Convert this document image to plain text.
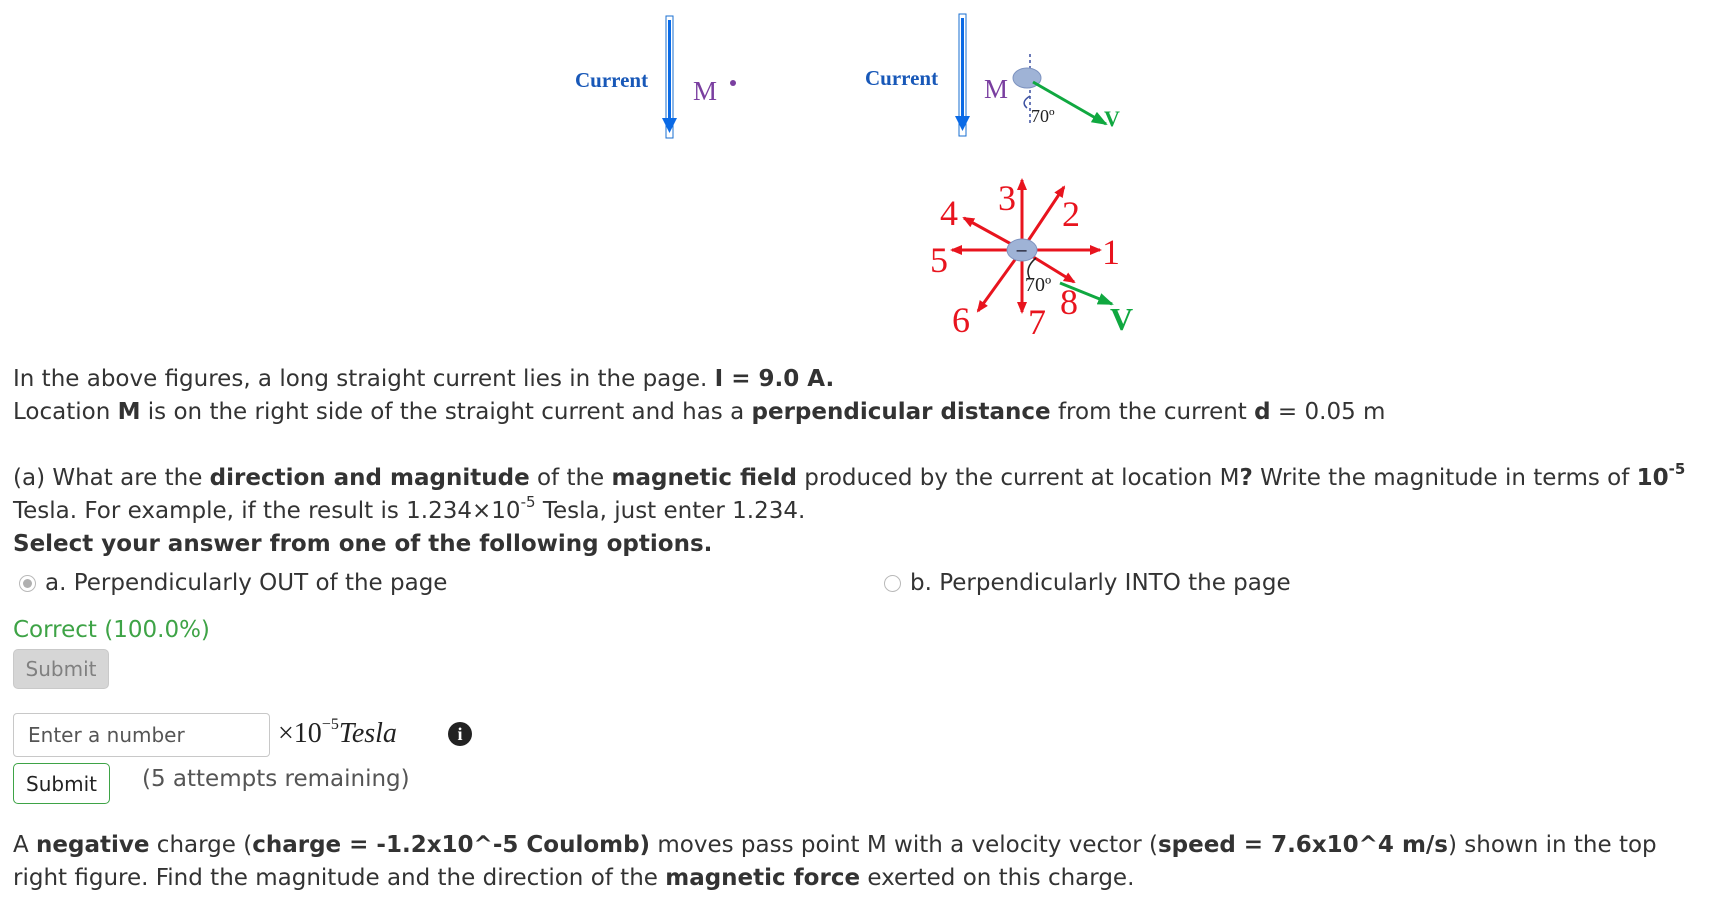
Current M	Current M
70º V
−
70º
1
2
3
4
5
6 7 8 V
In the above figures, a long straight current lies in the page. I = 9.0 A.
Location M is on the right side of the straight current and has a perpendicular distance from the current d = 0.05 m
(a) What are the direction and magnitude of the magnetic field produced by the current at location M? Write the magnitude in terms of $10^{-5}$ Tesla. For example, if the result is $1.234\times 10^{-5}$ Tesla, just enter 1.234.
Select your answer from one of the following options.
a. Perpendicularly OUT of the page	b. Perpendicularly INTO the page
Correct (100.0%)
Submit
Enter a number
$\times 10^{-5}$ Tesla	i
Submit	(5 attempts remaining)
A negative charge (charge = -1.2x10^-5 Coulomb) moves pass point M with a velocity vector (speed = 7.6x10^4 m/s) shown in the top right figure. Find the magnitude and the direction of the magnetic force exerted on this charge.
